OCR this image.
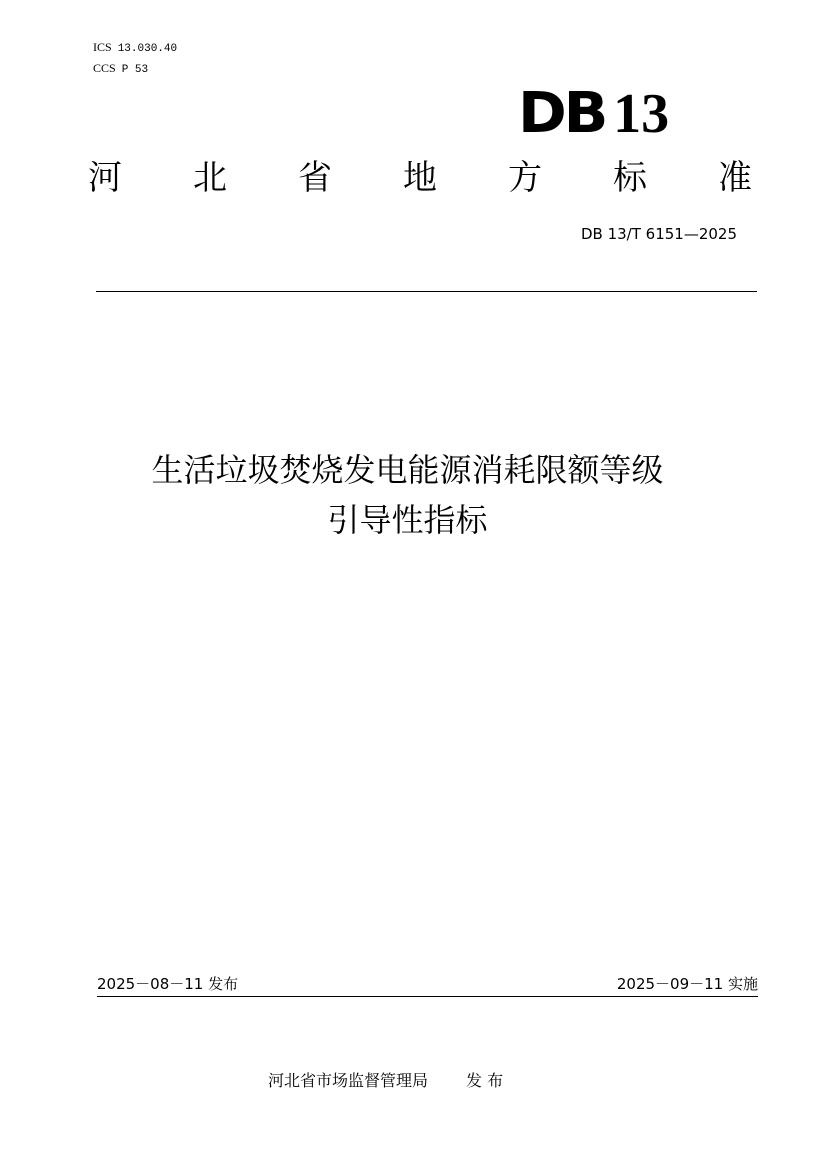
ICS 13.030.40
CCS P 53
DB 13
河 北 省 地 方 标 准
DB 13/T 6151—2025
生活垃圾焚烧发电能源消耗限额等级
引导性指标
2025－08－11 发布	2025－09－11 实施
河北省市场监督管理局 发 布
